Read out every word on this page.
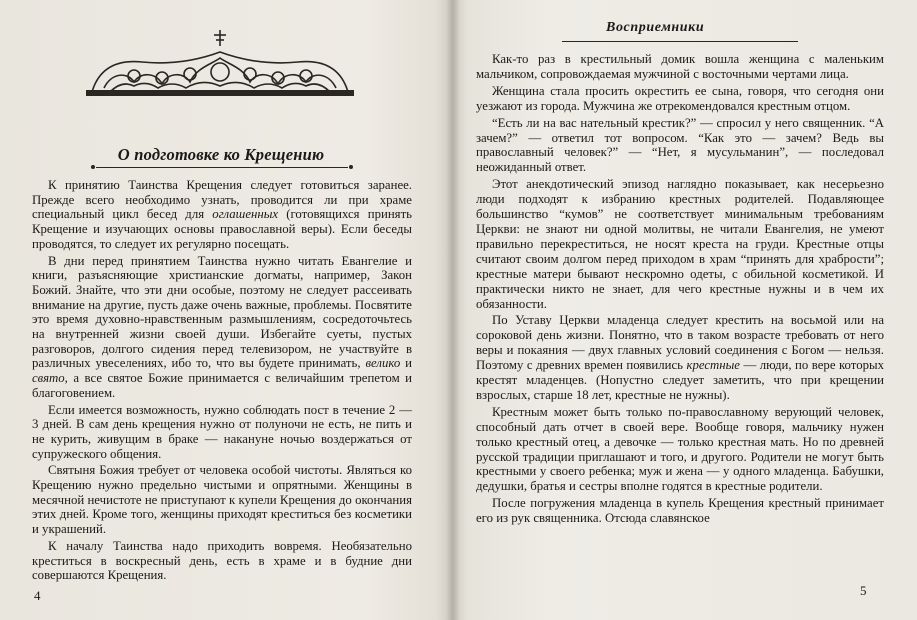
О подготовке ко Крещению

К принятию Таинства Крещения следует готовиться заранее. Прежде всего необходимо узнать, проводится ли при храме специальный цикл бесед для оглашенных (готовящихся принять Крещение и изучающих основы православной веры). Если беседы проводятся, то следует их регулярно посещать.

В дни перед принятием Таинства нужно читать Евангелие и книги, разъясняющие христианские догматы, например, Закон Божий. Знайте, что эти дни особые, поэтому не следует рассеивать внимание на другие, пусть даже очень важные, проблемы. Посвятите это время духовно-нравственным размышлениям, сосредоточьтесь на внутренней жизни своей души. Избегайте суеты, пустых разговоров, долгого сидения перед телевизором, не участвуйте в различных увеселениях, ибо то, что вы будете принимать, велико и свято, а все святое Божие принимается с величайшим трепетом и благоговением.

Если имеется возможность, нужно соблюдать пост в течение 2 — 3 дней. В сам день крещения нужно от полуночи не есть, не пить и не курить, живущим в браке — накануне ночью воздержаться от супружеского общения.

Святыня Божия требует от человека особой чистоты. Являться ко Крещению нужно предельно чистыми и опрятными. Женщины в месячной нечистоте не приступают к купели Крещения до окончания этих дней. Кроме того, женщины приходят креститься без косметики и украшений.

К началу Таинства надо приходить вовремя. Необязательно креститься в воскресный день, есть в храме и в будние дни совершаются Крещения.

4
Восприемники

Как-то раз в крестильный домик вошла женщина с маленьким мальчиком, сопровождаемая мужчиной с восточными чертами лица.

Женщина стала просить окрестить ее сына, говоря, что сегодня они уезжают из города. Мужчина же отрекомендовался крестным отцом.

“Есть ли на вас нательный крестик?” — спросил у него священник. “А зачем?” — ответил тот вопросом. “Как это — зачем? Ведь вы православный человек?” — “Нет, я мусульманин”, — последовал неожиданный ответ.

Этот анекдотический эпизод наглядно показывает, как несерьезно люди подходят к избранию крестных родителей. Подавляющее большинство “кумов” не соответствует минимальным требованиям Церкви: не знают ни одной молитвы, не читали Евангелия, не умеют правильно перекреститься, не носят креста на груди. Крестные отцы считают своим долгом перед приходом в храм “принять для храбрости”; крестные матери бывают нескромно одеты, с обильной косметикой. И практически никто не знает, для чего крестные нужны и в чем их обязанности.

По Уставу Церкви младенца следует крестить на восьмой или на сороковой день жизни. Понятно, что в таком возрасте требовать от него веры и покаяния — двух главных условий соединения с Богом — нельзя. Поэтому с древних времен появились крестные — люди, по вере которых крестят младенцев. (Нопустно следует заметить, что при крещении взрослых, старше 18 лет, крестные не нужны).

Крестным может быть только по-православному верующий человек, способный дать отчет в своей вере. Вообще говоря, мальчику нужен только крестный отец, а девочке — только крестная мать. Но по древней русской традиции приглашают и того, и другого. Родители не могут быть крестными у своего ребенка; муж и жена — у одного младенца. Бабушки, дедушки, братья и сестры вполне годятся в крестные родители.

После погружения младенца в купель Крещения крестный принимает его из рук священника. Отсюда славянское

5
